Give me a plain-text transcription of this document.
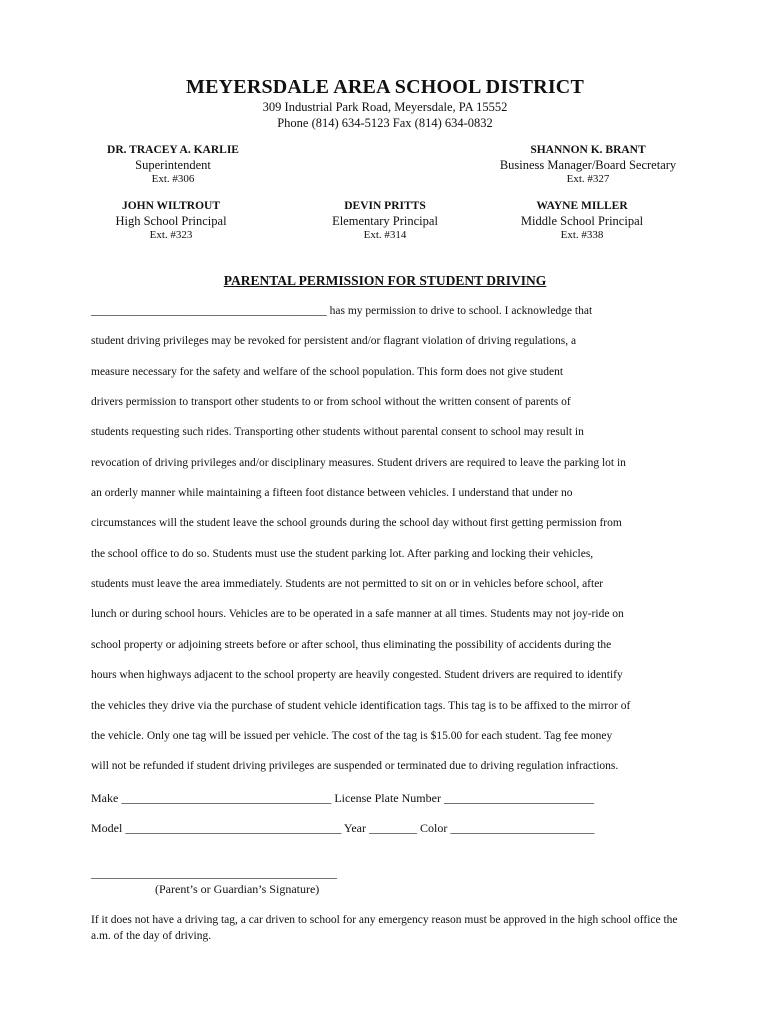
MEYERSDALE AREA SCHOOL DISTRICT
309 Industrial Park Road, Meyersdale, PA 15552
Phone (814) 634-5123 Fax (814) 634-0832
DR. TRACEY A. KARLIE
Superintendent
Ext. #306
SHANNON K. BRANT
Business Manager/Board Secretary
Ext. #327
JOHN WILTROUT
High School Principal
Ext. #323
DEVIN PRITTS
Elementary Principal
Ext. #314
WAYNE MILLER
Middle School Principal
Ext. #338
PARENTAL PERMISSION FOR STUDENT DRIVING
_________________________________________ has my permission to drive to school. I acknowledge that
student driving privileges may be revoked for persistent and/or flagrant violation of driving regulations, a
measure necessary for the safety and welfare of the school population. This form does not give student
drivers permission to transport other students to or from school without the written consent of parents of
students requesting such rides. Transporting other students without parental consent to school may result in
revocation of driving privileges and/or disciplinary measures. Student drivers are required to leave the parking lot in
an orderly manner while maintaining a fifteen foot distance between vehicles. I understand that under no
circumstances will the student leave the school grounds during the school day without first getting permission from
the school office to do so. Students must use the student parking lot. After parking and locking their vehicles,
students must leave the area immediately. Students are not permitted to sit on or in vehicles before school, after
lunch or during school hours. Vehicles are to be operated in a safe manner at all times. Students may not joy-ride on
school property or adjoining streets before or after school, thus eliminating the possibility of accidents during the
hours when highways adjacent to the school property are heavily congested. Student drivers are required to identify
the vehicles they drive via the purchase of student vehicle identification tags. This tag is to be affixed to the mirror of
the vehicle. Only one tag will be issued per vehicle. The cost of the tag is $15.00 for each student. Tag fee money
will not be refunded if student driving privileges are suspended or terminated due to driving regulation infractions.
Make ___________________________________ License Plate Number _________________________
Model ____________________________________ Year ________ Color ________________________
_________________________________________
(Parent’s or Guardian’s Signature)
If it does not have a driving tag, a car driven to school for any emergency reason must be approved in the high school office the a.m. of the day of driving.
